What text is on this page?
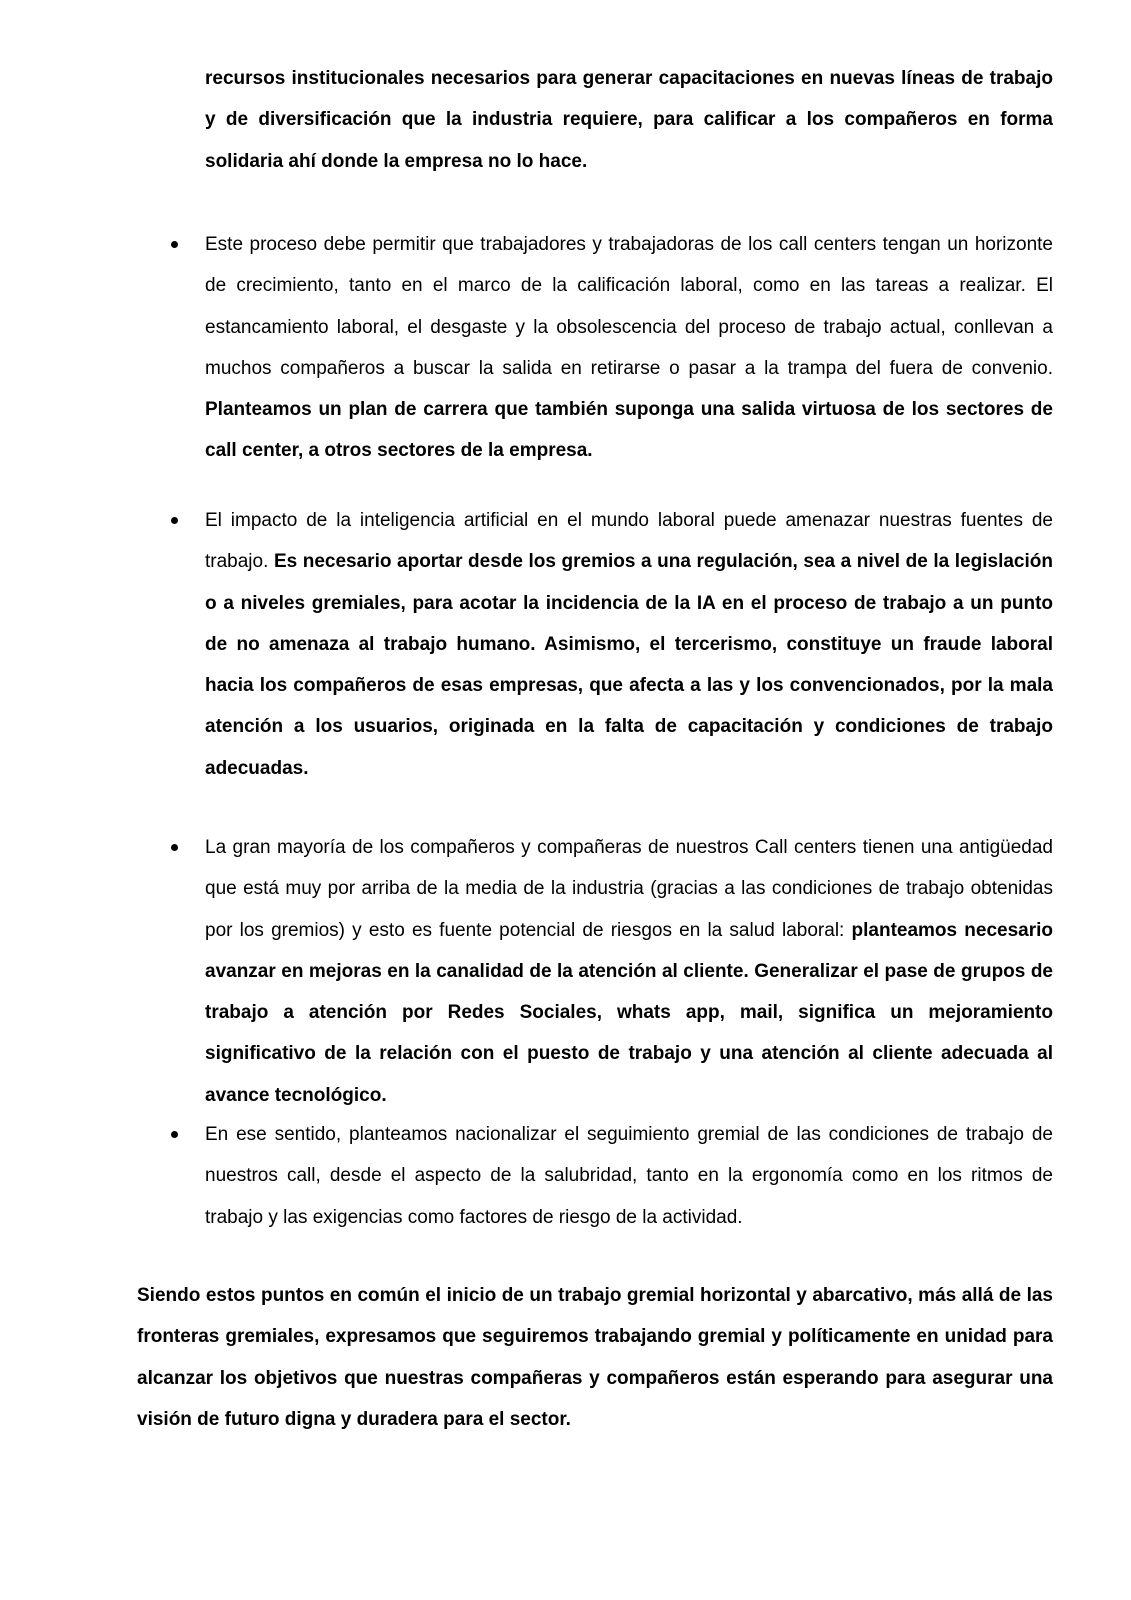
recursos institucionales necesarios para generar capacitaciones en nuevas líneas de trabajo y de diversificación que la industria requiere, para calificar a los compañeros en forma solidaria ahí donde la empresa no lo hace.

Este proceso debe permitir que trabajadores y trabajadoras de los call centers tengan un horizonte de crecimiento, tanto en el marco de la calificación laboral, como en las tareas a realizar. El estancamiento laboral, el desgaste y la obsolescencia del proceso de trabajo actual, conllevan a muchos compañeros a buscar la salida en retirarse o pasar a la trampa del fuera de convenio. Planteamos un plan de carrera que también suponga una salida virtuosa de los sectores de call center, a otros sectores de la empresa.

El impacto de la inteligencia artificial en el mundo laboral puede amenazar nuestras fuentes de trabajo. Es necesario aportar desde los gremios a una regulación, sea a nivel de la legislación o a niveles gremiales, para acotar la incidencia de la IA en el proceso de trabajo a un punto de no amenaza al trabajo humano. Asimismo, el tercerismo, constituye un fraude laboral hacia los compañeros de esas empresas, que afecta a las y los convencionados, por la mala atención a los usuarios, originada en la falta de capacitación y condiciones de trabajo adecuadas.

La gran mayoría de los compañeros y compañeras de nuestros Call centers tienen una antigüedad que está muy por arriba de la media de la industria (gracias a las condiciones de trabajo obtenidas por los gremios) y esto es fuente potencial de riesgos en la salud laboral: planteamos necesario avanzar en mejoras en la canalidad de la atención al cliente. Generalizar el pase de grupos de trabajo a atención por Redes Sociales, whats app, mail, significa un mejoramiento significativo de la relación con el puesto de trabajo y una atención al cliente adecuada al avance tecnológico.

En ese sentido, planteamos nacionalizar el seguimiento gremial de las condiciones de trabajo de nuestros call, desde el aspecto de la salubridad, tanto en la ergonomía como en los ritmos de trabajo y las exigencias como factores de riesgo de la actividad.

Siendo estos puntos en común el inicio de un trabajo gremial horizontal y abarcativo, más allá de las fronteras gremiales, expresamos que seguiremos trabajando gremial y políticamente en unidad para alcanzar los objetivos que nuestras compañeras y compañeros están esperando para asegurar una visión de futuro digna y duradera para el sector.
